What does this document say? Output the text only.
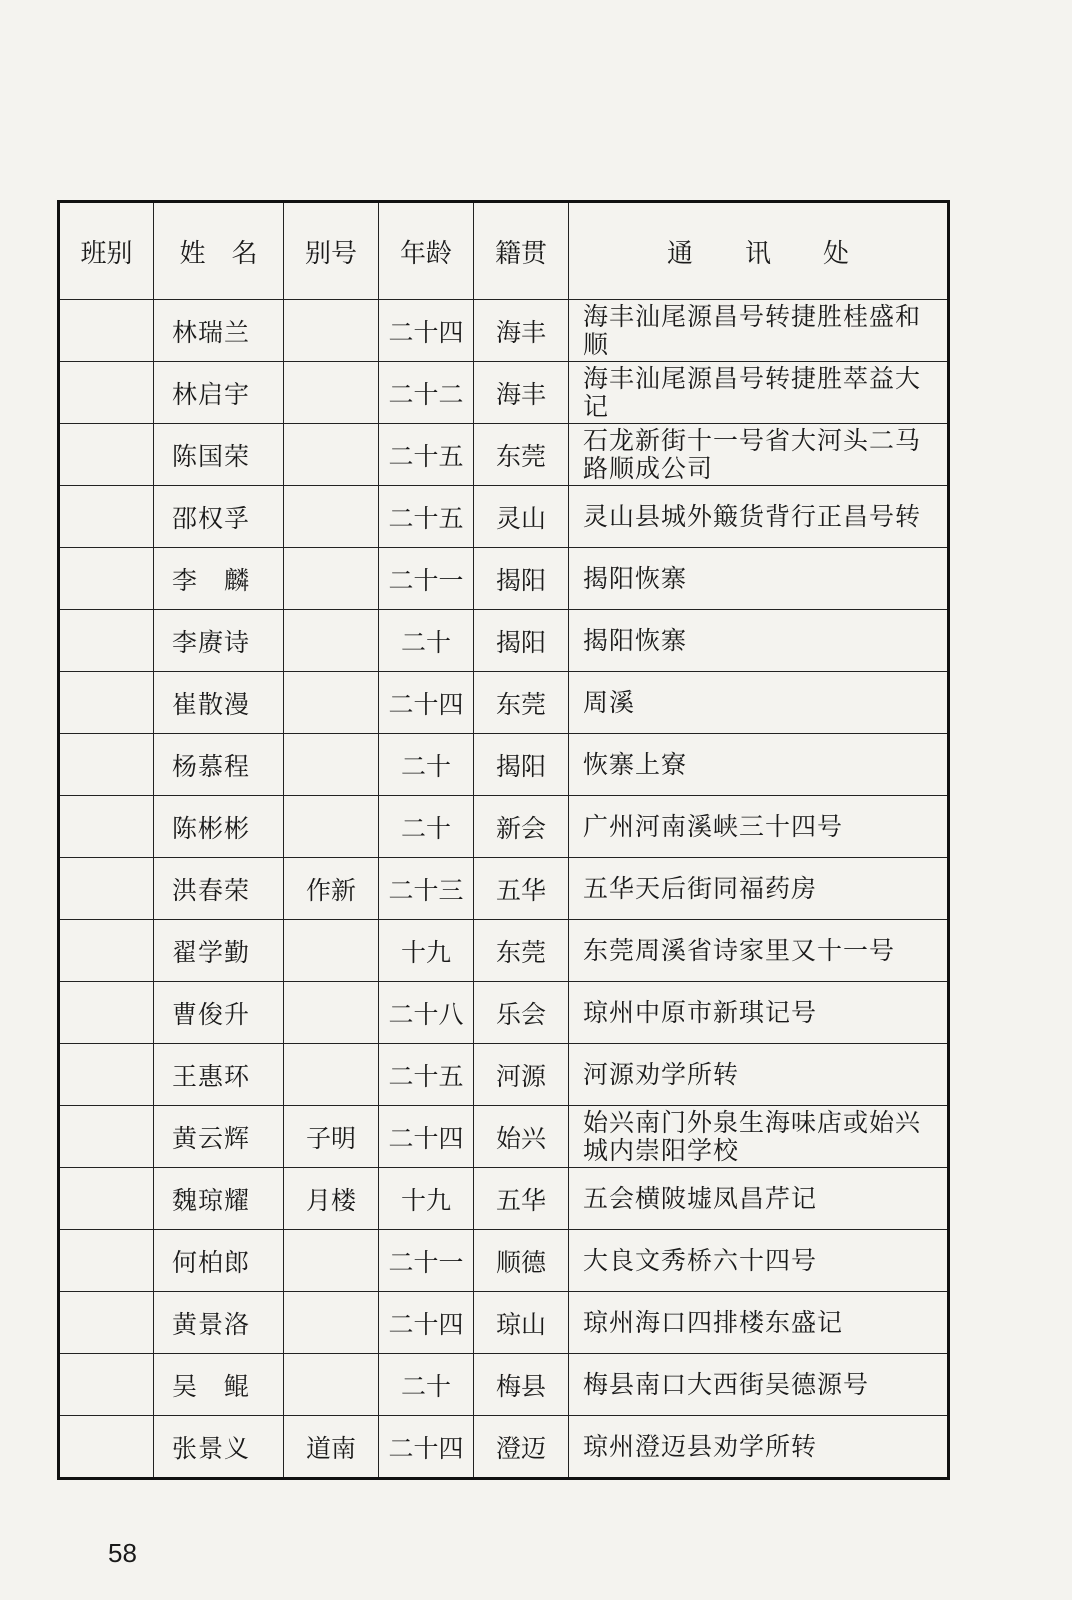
班别	姓　名	别号	年龄	籍贯	通　　讯　　处
	林瑞兰		二十四	海丰	海丰汕尾源昌号转捷胜桂盛和顺
	林启宇		二十二	海丰	海丰汕尾源昌号转捷胜萃益大记
	陈国荣		二十五	东莞	石龙新街十一号省大河头二马路顺成公司
	邵权孚		二十五	灵山	灵山县城外簸货背行正昌号转
	李　麟		二十一	揭阳	揭阳恢寨
	李赓诗		二十	揭阳	揭阳恢寨
	崔散漫		二十四	东莞	周溪
	杨慕程		二十	揭阳	恢寨上寮
	陈彬彬		二十	新会	广州河南溪峡三十四号
	洪春荣	作新	二十三	五华	五华天后街同福药房
	翟学勤		十九	东莞	东莞周溪省诗家里又十一号
	曹俊升		二十八	乐会	琼州中原市新琪记号
	王惠环		二十五	河源	河源劝学所转
	黄云辉	子明	二十四	始兴	始兴南门外泉生海味店或始兴城内崇阳学校
	魏琼耀	月楼	十九	五华	五会横陂墟凤昌芹记
	何柏郎		二十一	顺德	大良文秀桥六十四号
	黄景洛		二十四	琼山	琼州海口四排楼东盛记
	吴　鲲		二十	梅县	梅县南口大西街吴德源号
	张景义	道南	二十四	澄迈	琼州澄迈县劝学所转
58
